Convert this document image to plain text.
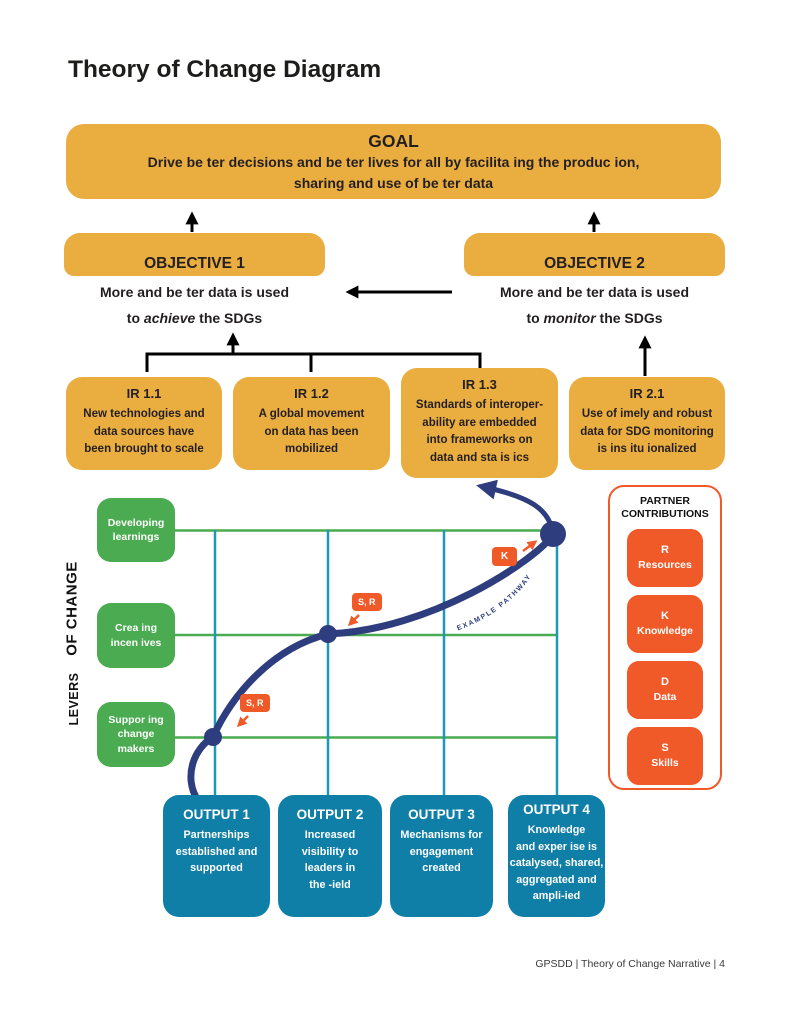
Theory of Change Diagram
EXAMPLE PATHWAY
GOAL
Drive be ter decisions and be ter lives for all by facilita ing the produc ion,
sharing and use of be ter data
OBJECTIVE 1
More and be ter data is used
to achieve the SDGs
OBJECTIVE 2
More and be ter data is used
to monitor the SDGs
IR 1.1
New technologies and
data sources have
been brought to scale
IR 1.2
A global movement
on data has been
mobilized
IR 1.3
Standards of interoper-
ability are embedded
into frameworks on
data and sta is ics
IR 2.1
Use of imely and robust
data for SDG monitoring
is ins itu ionalized
OF CHANGE
LEVERS
Developing
learnings
Crea ing
incen ives
Suppor ing
change
makers
S, R
S, R
K
OUTPUT 1
Partnerships
established and
supported
OUTPUT 2
Increased
visibility to
leaders in
the -ield
OUTPUT 3
Mechanisms for
engagement
created
OUTPUT 4
Knowledge
and exper ise is
catalysed, shared,
aggregated and
ampli-ied
PARTNER
CONTRIBUTIONS
R
Resources
K
Knowledge
D
Data
S
Skills
GPSDD | Theory of Change Narrative | 4
